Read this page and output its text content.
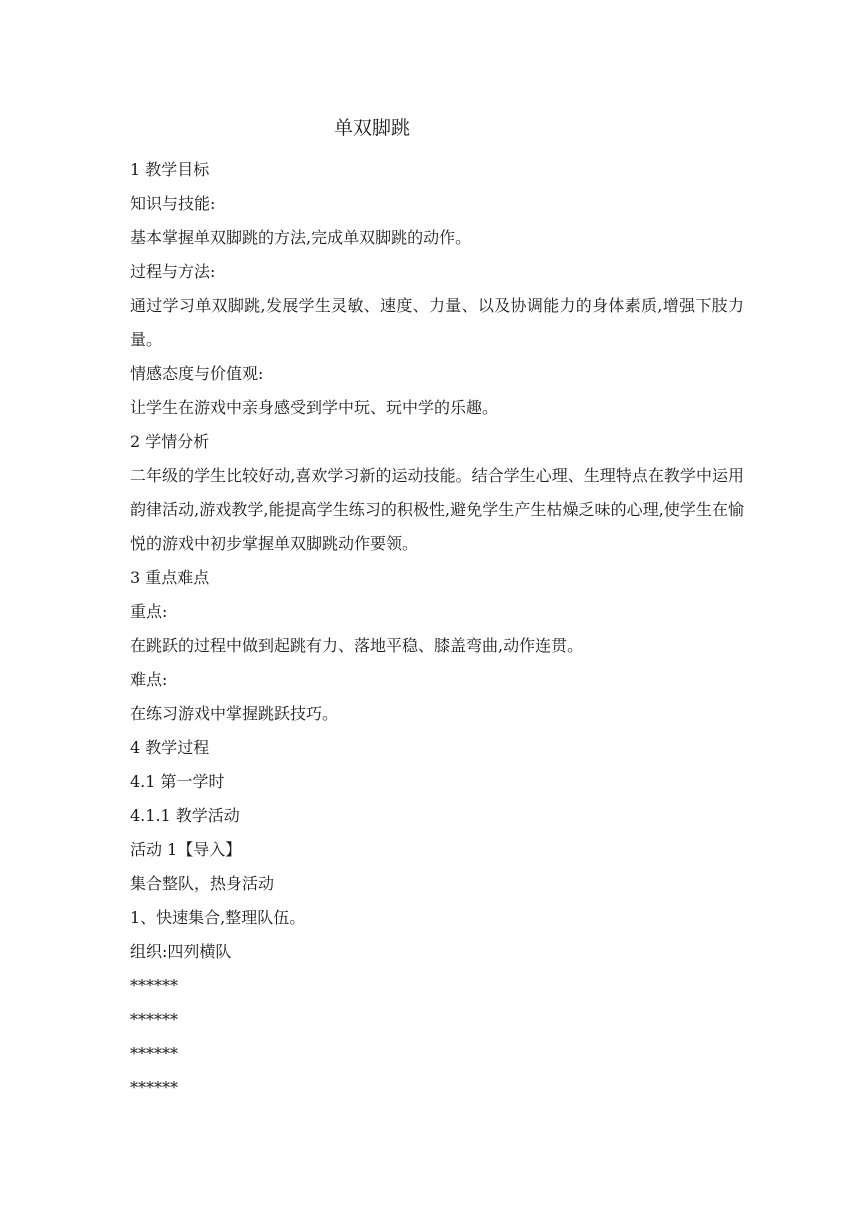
单双脚跳
1 教学目标
知识与技能:
基本掌握单双脚跳的方法,完成单双脚跳的动作。
过程与方法:
通过学习单双脚跳,发展学生灵敏、速度、力量、以及协调能力的身体素质,增强下肢力量。
情感态度与价值观:
让学生在游戏中亲身感受到学中玩、玩中学的乐趣。
2 学情分析
二年级的学生比较好动,喜欢学习新的运动技能。结合学生心理、生理特点在教学中运用韵律活动,游戏教学,能提高学生练习的积极性,避免学生产生枯燥乏味的心理,使学生在愉悦的游戏中初步掌握单双脚跳动作要领。
3 重点难点
重点:
在跳跃的过程中做到起跳有力、落地平稳、膝盖弯曲,动作连贯。
难点:
在练习游戏中掌握跳跃技巧。
4 教学过程
4.1 第一学时
4.1.1 教学活动
活动 1【导入】
集合整队，热身活动
1、快速集合,整理队伍。
组织:四列横队
******
******
******
******
